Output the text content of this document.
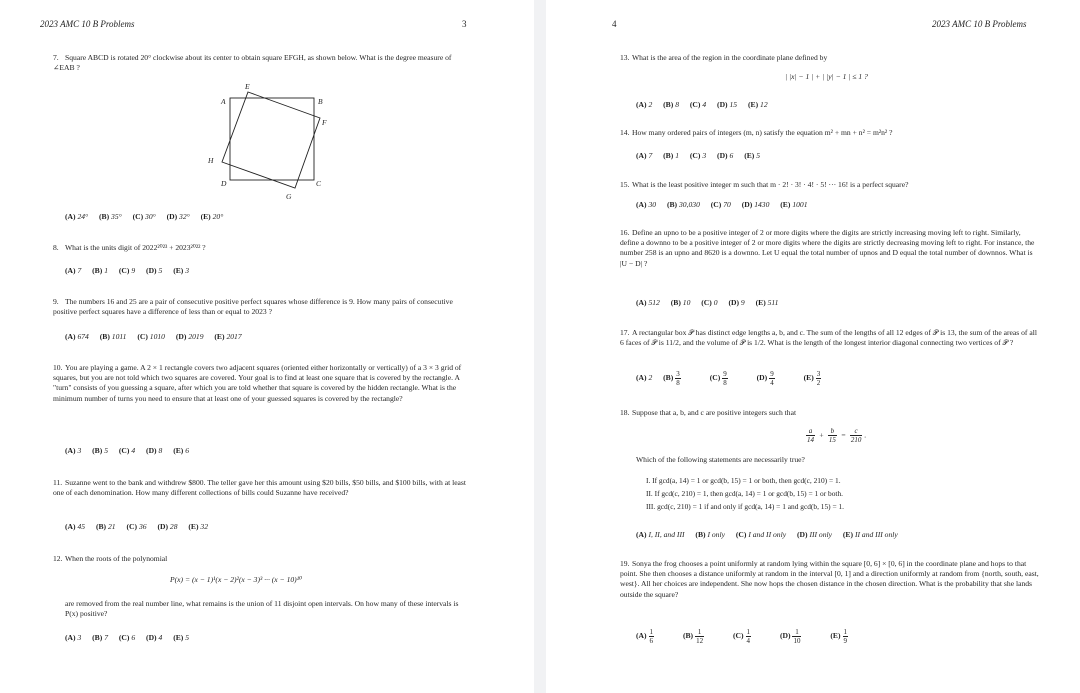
2023 AMC 10 B Problems	3

7. Square ABCD is rotated 20° clockwise about its center to obtain square EFGH, as shown below. What is the degree measure of ∠EAB ?

A	B
C
D
E
F
G
H
(A) 24° (B) 35° (C) 30° (D) 32° (E) 20°

8. What is the units digit of 2022²⁰²³ + 2023²⁰²² ?

(A) 7 (B) 1 (C) 9 (D) 5 (E) 3

9. The numbers 16 and 25 are a pair of consecutive positive perfect squares whose difference is 9. How many pairs of consecutive positive perfect squares have a difference of less than or equal to 2023 ?

(A) 674 (B) 1011 (C) 1010 (D) 2019 (E) 2017

10. You are playing a game. A 2 × 1 rectangle covers two adjacent squares (oriented either horizontally or vertically) of a 3 × 3 grid of squares, but you are not told which two squares are covered. Your goal is to find at least one square that is covered by the rectangle. A "turn" consists of you guessing a square, after which you are told whether that square is covered by the hidden rectangle. What is the minimum number of turns you need to ensure that at least one of your guessed squares is covered by the rectangle?

(A) 3 (B) 5 (C) 4 (D) 8 (E) 6

11. Suzanne went to the bank and withdrew $800. The teller gave her this amount using $20 bills, $50 bills, and $100 bills, with at least one of each denomination. How many different collections of bills could Suzanne have received?

(A) 45 (B) 21 (C) 36 (D) 28 (E) 32

12. When the roots of the polynomial

P(x) = (x − 1)¹(x − 2)²(x − 3)³ ··· (x − 10)¹⁰

are removed from the real number line, what remains is the union of 11 disjoint open intervals. On how many of these intervals is P(x) positive?

(A) 3 (B) 7 (C) 6 (D) 4 (E) 5
4	2023 AMC 10 B Problems

13. What is the area of the region in the coordinate plane defined by

| |x| − 1 | + | |y| − 1 | ≤ 1 ?
(A) 2 (B) 8 (C) 4 (D) 15 (E) 12

14. How many ordered pairs of integers (m, n) satisfy the equation m² + mn + n² = m²n² ?

(A) 7 (B) 1 (C) 3 (D) 6 (E) 5

15. What is the least positive integer m such that m · 2! · 3! · 4! · 5! ··· 16! is a perfect square?

(A) 30 (B) 30,030 (C) 70 (D) 1430 (E) 1001

16. Define an upno to be a positive integer of 2 or more digits where the digits are strictly increasing moving left to right. Similarly, define a downno to be a positive integer of 2 or more digits where the digits are strictly decreasing moving left to right. For instance, the number 258 is an upno and 8620 is a downno. Let U equal the total number of upnos and D equal the total number of downnos. What is |U − D| ?

(A) 512 (B) 10 (C) 0 (D) 9 (E) 511

17. A rectangular box 𝒫 has distinct edge lengths a, b, and c. The sum of the lengths of all 12 edges of 𝒫 is 13, the sum of the areas of all 6 faces of 𝒫 is 11/2, and the volume of 𝒫 is 1/2. What is the length of the longest interior diagonal connecting two vertices of 𝒫 ?

(A) 2 $(B) \frac{3}{8}$	$(C) \frac{9}{8}$	$(D) \frac{9}{4}$	$(E) \frac{3}{2}$

18. Suppose that a, b, and c are positive integers such that

$\frac{a}{14} + \frac{b}{15} = \frac{c}{210}$ .

Which of the following statements are necessarily true?

I. If gcd(a, 14) = 1 or gcd(b, 15) = 1 or both, then gcd(c, 210) = 1.
II. If gcd(c, 210) = 1, then gcd(a, 14) = 1 or gcd(b, 15) = 1 or both.
III. gcd(c, 210) = 1 if and only if gcd(a, 14) = 1 and gcd(b, 15) = 1.
(A) I, II, and III (B) I only (C) I and II only (D) III only (E) II and III only

19. Sonya the frog chooses a point uniformly at random lying within the square [0, 6] × [0, 6] in the coordinate plane and hops to that point. She then chooses a distance uniformly at random in the interval [0, 1] and a direction uniformly at random from {north, south, east, west}. All her choices are independent. She now hops the chosen distance in the chosen direction. What is the probability that she lands outside the square?

$(A) \frac{1}{6}$	$(B) \frac{1}{12}$	$(C) \frac{1}{4}$	$(D) \frac{1}{10}$	$(E) \frac{1}{9}$
